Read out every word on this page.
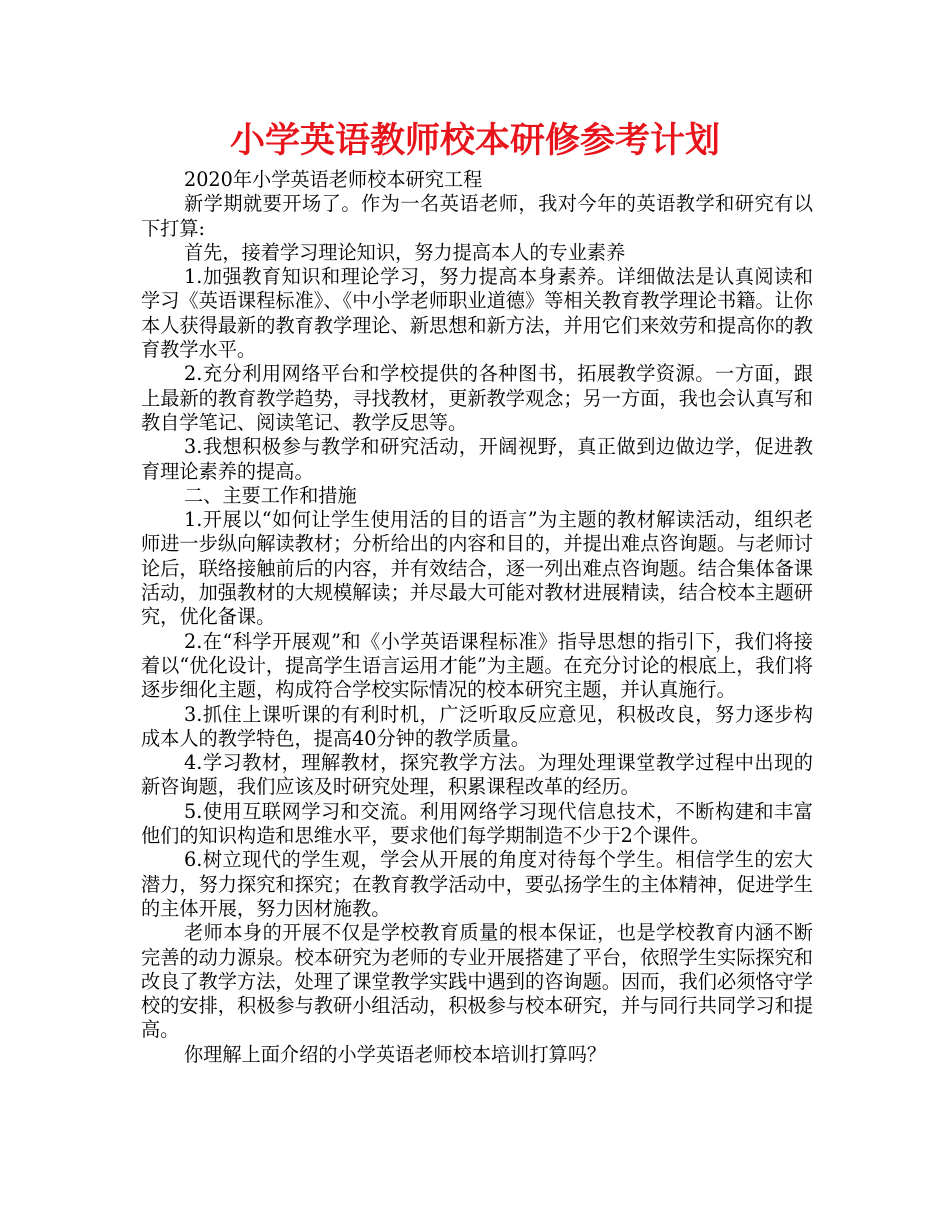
小学英语教师校本研修参考计划

2020年小学英语老师校本研究工程

新学期就要开场了。作为一名英语老师，我对今年的英语教学和研究有以下打算:

首先，接着学习理论知识，努力提高本人的专业素养

1.加强教育知识和理论学习，努力提高本身素养。详细做法是认真阅读和学习《英语课程标准》、《中小学老师职业道德》等相关教育教学理论书籍。让你本人获得最新的教育教学理论、新思想和新方法，并用它们来效劳和提高你的教育教学水平。

2.充分利用网络平台和学校提供的各种图书，拓展教学资源。一方面，跟上最新的教育教学趋势，寻找教材，更新教学观念；另一方面，我也会认真写和教自学笔记、阅读笔记、教学反思等。

3.我想积极参与教学和研究活动，开阔视野，真正做到边做边学，促进教育理论素养的提高。

二、主要工作和措施

1.开展以“如何让学生使用活的目的语言”为主题的教材解读活动，组织老师进一步纵向解读教材；分析给出的内容和目的，并提出难点咨询题。与老师讨论后，联络接触前后的内容，并有效结合，逐一列出难点咨询题。结合集体备课活动，加强教材的大规模解读；并尽最大可能对教材进展精读，结合校本主题研究，优化备课。

2.在“科学开展观”和《小学英语课程标准》指导思想的指引下，我们将接着以“优化设计，提高学生语言运用才能”为主题。在充分讨论的根底上，我们将逐步细化主题，构成符合学校实际情况的校本研究主题，并认真施行。

3.抓住上课听课的有利时机，广泛听取反应意见，积极改良，努力逐步构成本人的教学特色，提高40分钟的教学质量。

4.学习教材，理解教材，探究教学方法。为理处理课堂教学过程中出现的新咨询题，我们应该及时研究处理，积累课程改革的经历。

5.使用互联网学习和交流。利用网络学习现代信息技术，不断构建和丰富他们的知识构造和思维水平，要求他们每学期制造不少于2个课件。

6.树立现代的学生观，学会从开展的角度对待每个学生。相信学生的宏大潜力，努力探究和探究；在教育教学活动中，要弘扬学生的主体精神，促进学生的主体开展，努力因材施教。

老师本身的开展不仅是学校教育质量的根本保证，也是学校教育内涵不断完善的动力源泉。校本研究为老师的专业开展搭建了平台，依照学生实际探究和改良了教学方法，处理了课堂教学实践中遇到的咨询题。因而，我们必须恪守学校的安排，积极参与教研小组活动，积极参与校本研究，并与同行共同学习和提高。

你理解上面介绍的小学英语老师校本培训打算吗？
